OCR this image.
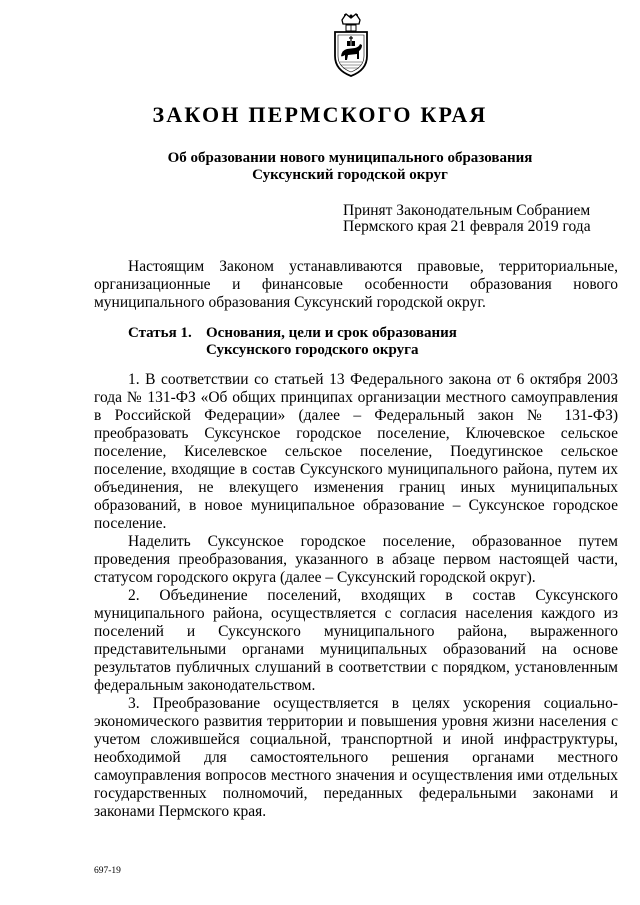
ЗАКОН ПЕРМСКОГО КРАЯ
Об образовании нового муниципального образования
Суксунский городской округ
Принят Законодательным Собранием
Пермского края 21 февраля 2019 года

Настоящим Законом устанавливаются правовые, территориальные, организационные и финансовые особенности образования нового муниципального образования Суксунский городской округ.

Статья 1. Основания, цели и срок образования
Суксунского городского округа

1. В соответствии со статьей 13 Федерального закона от 6 октября 2003 года № 131-ФЗ «Об общих принципах организации местного самоуправления в Российской Федерации» (далее – Федеральный закон № 131-ФЗ) преобразовать Суксунское городское поселение, Ключевское сельское поселение, Киселевское сельское поселение, Поедугинское сельское поселение, входящие в состав Суксунского муниципального района, путем их объединения, не влекущего изменения границ иных муниципальных образований, в новое муниципальное образование – Суксунское городское поселение.

Наделить Суксунское городское поселение, образованное путем проведения преобразования, указанного в абзаце первом настоящей части, статусом городского округа (далее – Суксунский городской округ).

2. Объединение поселений, входящих в состав Суксунского муниципального района, осуществляется с согласия населения каждого из поселений и Суксунского муниципального района, выраженного представительными органами муниципальных образований на основе результатов публичных слушаний в соответствии с порядком, установленным федеральным законодательством.

3. Преобразование осуществляется в целях ускорения социально-экономического развития территории и повышения уровня жизни населения с учетом сложившейся социальной, транспортной и иной инфраструктуры, необходимой для самостоятельного решения органами местного самоуправления вопросов местного значения и осуществления ими отдельных государственных полномочий, переданных федеральными законами и законами Пермского края.

697-19
